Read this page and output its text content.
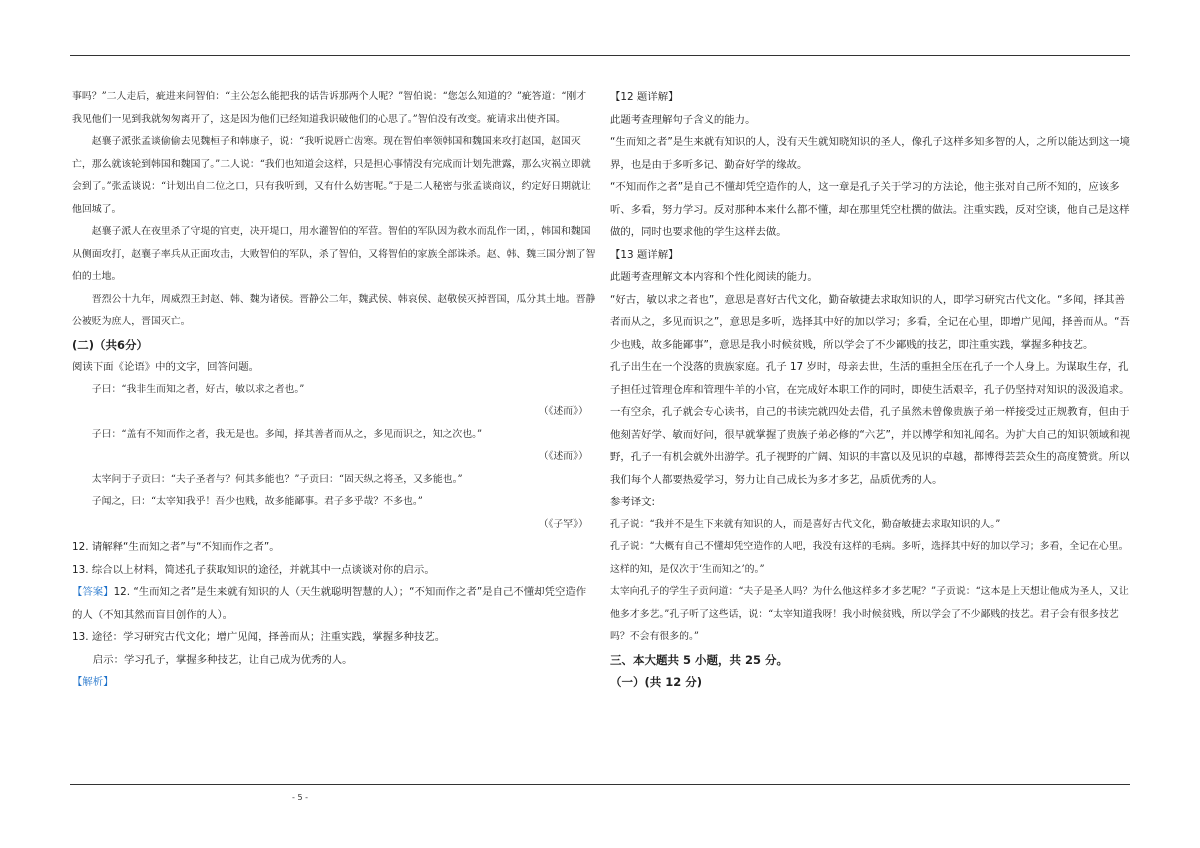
事吗？”二人走后，疵进来问智伯：“主公怎么能把我的话告诉那两个人呢？”智伯说：“您怎么知道的？”疵答道：“刚才我见他们一见到我就匆匆离开了，这是因为他们已经知道我识破他们的心思了。”智伯没有改变。疵请求出使齐国。

赵襄子派张孟谈偷偷去见魏桓子和韩康子，说：“我听说唇亡齿寒。现在智伯率领韩国和魏国来攻打赵国，赵国灭亡，那么就该轮到韩国和魏国了。”二人说：“我们也知道会这样，只是担心事情没有完成而计划先泄露，那么灾祸立即就会到了。”张孟谈说：“计划出自二位之口，只有我听到，又有什么妨害呢。”于是二人秘密与张孟谈商议，约定好日期就让他回城了。

赵襄子派人在夜里杀了守堤的官吏，决开堤口，用水灌智伯的军营。智伯的军队因为救水而乱作一团，，韩国和魏国从侧面攻打，赵襄子率兵从正面攻击，大败智伯的军队，杀了智伯，又将智伯的家族全部诛杀。赵、韩、魏三国分割了智伯的土地。

晋烈公十九年，周威烈王封赵、韩、魏为诸侯。晋静公二年，魏武侯、韩哀侯、赵敬侯灭掉晋国，瓜分其土地。晋静公被贬为庶人，晋国灭亡。

(二)（共6分）

阅读下面《论语》中的文字，回答问题。

子曰：“我非生而知之者，好古，敏以求之者也。”

（《述而》）

子曰：“盖有不知而作之者，我无是也。多闻，择其善者而从之，多见而识之，知之次也。”

（《述而》）

太宰问于子贡曰：“夫子圣者与？何其多能也？”子贡曰：“固天纵之将圣，又多能也。”

子闻之，曰：“太宰知我乎！吾少也贱，故多能鄙事。君子多乎哉？不多也。”

（《子罕》）

12. 请解释“生而知之者”与“不知而作之者”。

13. 综合以上材料，简述孔子获取知识的途径，并就其中一点谈谈对你的启示。

【答案】12. “生而知之者”是生来就有知识的人（天生就聪明智慧的人）；“不知而作之者”是自己不懂却凭空造作的人（不知其然而盲目创作的人）。

13. 途径：学习研究古代文化；增广见闻，择善而从；注重实践，掌握多种技艺。

启示：学习孔子，掌握多种技艺，让自己成为优秀的人。

【解析】

【12 题详解】

此题考查理解句子含义的能力。

“生而知之者”是生来就有知识的人，没有天生就知晓知识的圣人，像孔子这样多知多智的人，之所以能达到这一境界，也是由于多听多记、勤奋好学的缘故。

“不知而作之者”是自己不懂却凭空造作的人，这一章是孔子关于学习的方法论，他主张对自己所不知的，应该多听、多看，努力学习。反对那种本来什么都不懂，却在那里凭空杜撰的做法。注重实践，反对空谈，他自己是这样做的，同时也要求他的学生这样去做。

【13 题详解】

此题考查理解文本内容和个性化阅读的能力。

“好古，敏以求之者也”，意思是喜好古代文化，勤奋敏捷去求取知识的人，即学习研究古代文化。“多闻，择其善者而从之，多见而识之”，意思是多听，选择其中好的加以学习；多看，全记在心里，即增广见闻，择善而从。“吾少也贱，故多能鄙事”，意思是我小时候贫贱，所以学会了不少鄙贱的技艺，即注重实践，掌握多种技艺。

孔子出生在一个没落的贵族家庭。孔子 17 岁时，母亲去世，生活的重担全压在孔子一个人身上。为谋取生存，孔子担任过管理仓库和管理牛羊的小官，在完成好本职工作的同时，即使生活艰辛，孔子仍坚持对知识的汲汲追求。一有空余，孔子就会专心读书，自己的书读完就四处去借，孔子虽然未曾像贵族子弟一样接受过正规教育，但由于他刻苦好学、敏而好问，很早就掌握了贵族子弟必修的“六艺”，并以博学和知礼闻名。为扩大自己的知识领域和视野，孔子一有机会就外出游学。孔子视野的广阔、知识的丰富以及见识的卓越，都博得芸芸众生的高度赞赏。所以我们每个人都要热爱学习，努力让自己成长为多才多艺，品质优秀的人。

参考译文:

孔子说：“我并不是生下来就有知识的人，而是喜好古代文化，勤奋敏捷去求取知识的人。”

孔子说：“大概有自己不懂却凭空造作的人吧，我没有这样的毛病。多听，选择其中好的加以学习；多看，全记在心里。这样的知，是仅次于‘生而知之’的。”

太宰向孔子的学生子贡问道：“夫子是圣人吗？为什么他这样多才多艺呢？”子贡说：“这本是上天想让他成为圣人，又让他多才多艺。”孔子听了这些话，说：“太宰知道我呀！我小时候贫贱，所以学会了不少鄙贱的技艺。君子会有很多技艺吗？不会有很多的。”

三、本大题共 5 小题，共 25 分。

（一）(共 12 分)

- 5 -
